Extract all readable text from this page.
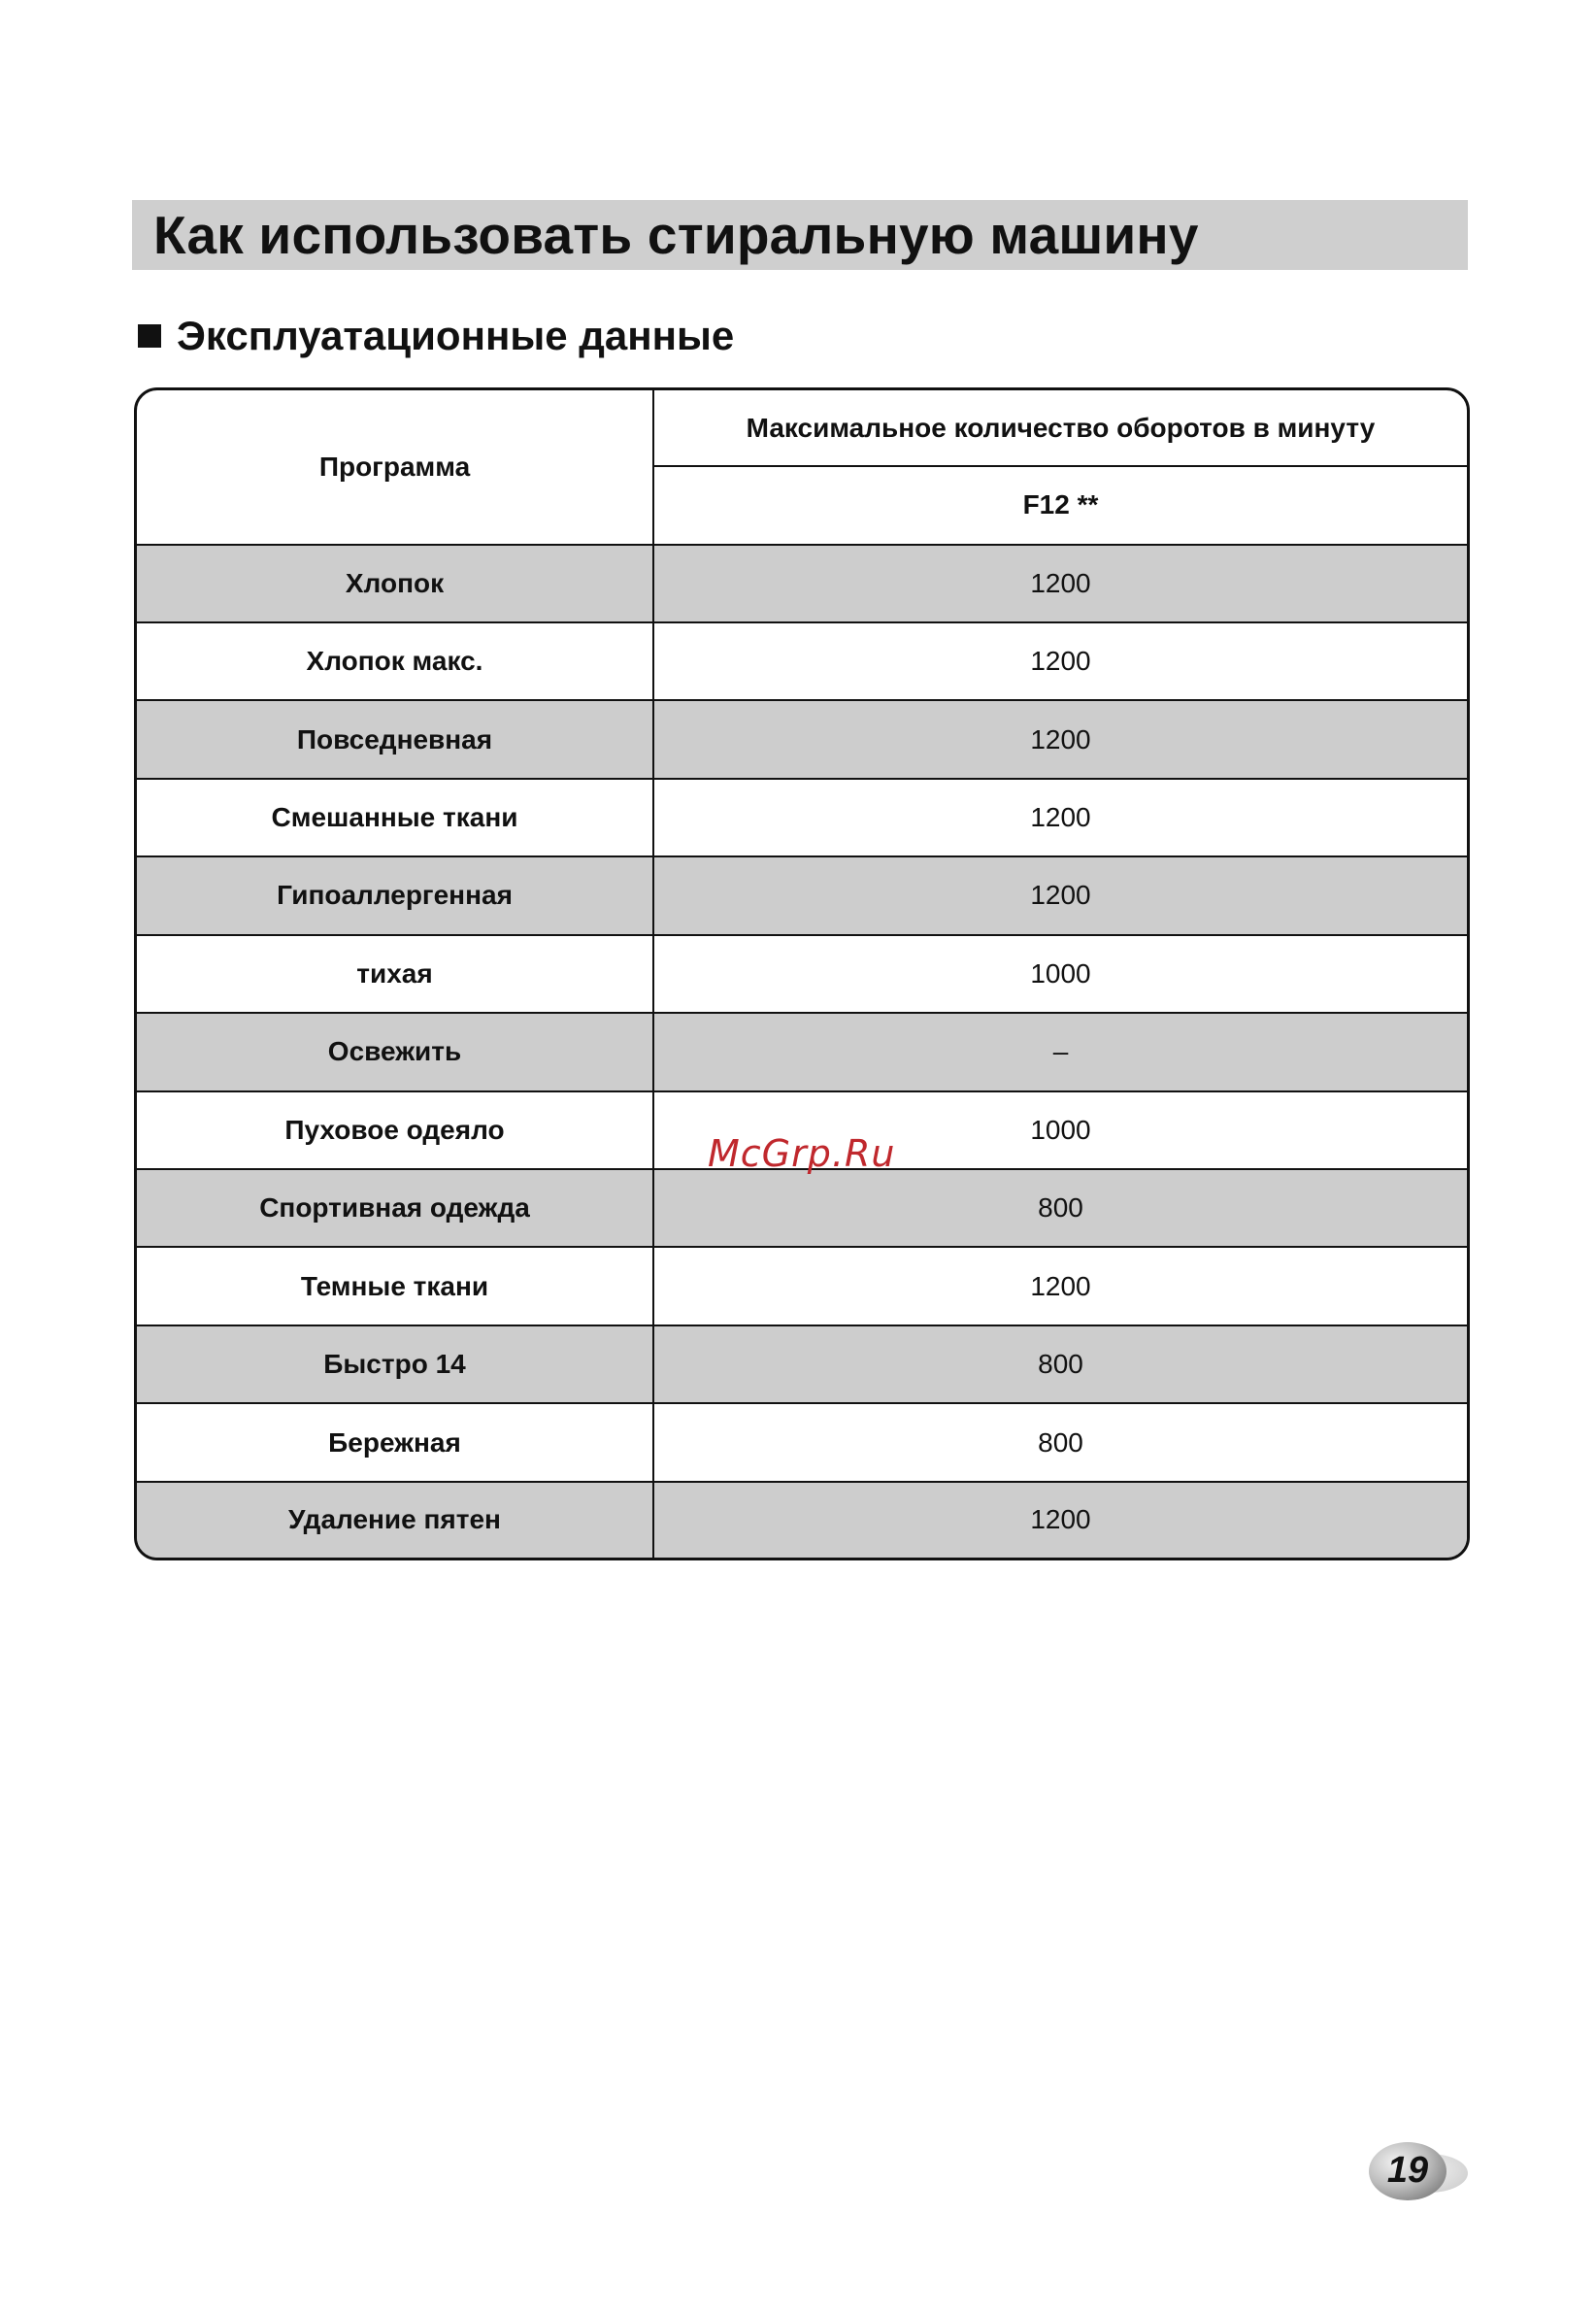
Как использовать стиральную машину
Эксплуатационные данные
Программа	Максимальное количество оборотов в минуту
	F12 **
Хлопок	1200
Хлопок макс.	1200
Повседневная	1200
Смешанные ткани	1200
Гипоаллергенная	1200
тихая	1000
Освежить	–
Пуховое одеяло	1000
Спортивная одежда	800
Темные ткани	1200
Быстро 14	800
Бережная	800
Удаление пятен	1200
McGrp.Ru
19
